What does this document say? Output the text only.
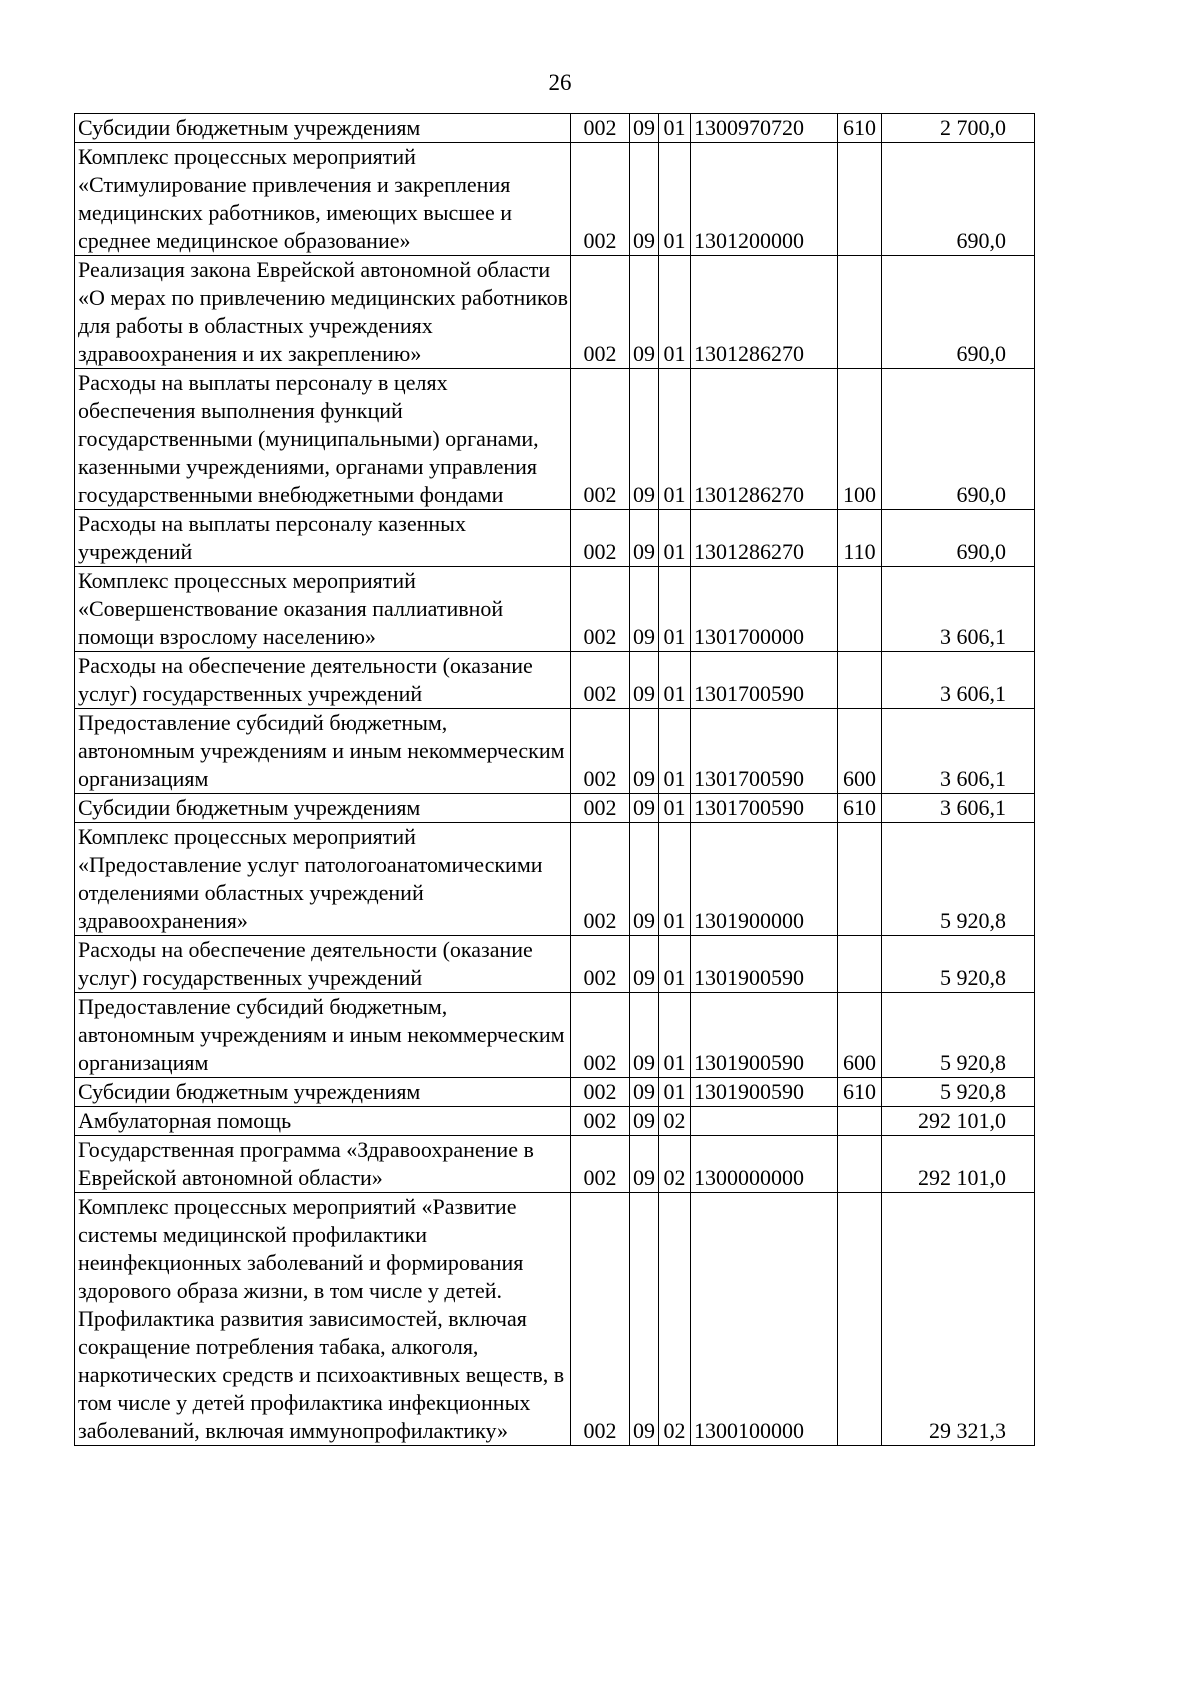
26
Субсидии бюджетным учреждениям	002	09	01	1300970720	610	2 700,0
Комплекс процессных мероприятий «Стимулирование привлечения и закрепления медицинских работников, имеющих высшее и среднее медицинское образование»	002	09	01	1301200000		690,0
Реализация закона Еврейской автономной области «О мерах по привлечению медицинских работников для работы в областных учреждениях здравоохранения и их закреплению»	002	09	01	1301286270		690,0
Расходы на выплаты персоналу в целях обеспечения выполнения функций государственными (муниципальными) органами, казенными учреждениями, органами управления государственными внебюджетными фондами	002	09	01	1301286270	100	690,0
Расходы на выплаты персоналу казенных учреждений	002	09	01	1301286270	110	690,0
Комплекс процессных мероприятий «Совершенствование оказания паллиативной помощи взрослому населению»	002	09	01	1301700000		3 606,1
Расходы на обеспечение деятельности (оказание услуг) государственных учреждений	002	09	01	1301700590		3 606,1
Предоставление субсидий бюджетным, автономным учреждениям и иным некоммерческим организациям	002	09	01	1301700590	600	3 606,1
Субсидии бюджетным учреждениям	002	09	01	1301700590	610	3 606,1
Комплекс процессных мероприятий «Предоставление услуг патологоанатомическими отделениями областных учреждений здравоохранения»	002	09	01	1301900000		5 920,8
Расходы на обеспечение деятельности (оказание услуг) государственных учреждений	002	09	01	1301900590		5 920,8
Предоставление субсидий бюджетным, автономным учреждениям и иным некоммерческим организациям	002	09	01	1301900590	600	5 920,8
Субсидии бюджетным учреждениям	002	09	01	1301900590	610	5 920,8
Амбулаторная помощь	002	09	02			292 101,0
Государственная программа «Здравоохранение в Еврейской автономной области»	002	09	02	1300000000		292 101,0
Комплекс процессных мероприятий «Развитие системы медицинской профилактики неинфекционных заболеваний и формирования здорового образа жизни, в том числе у детей. Профилактика развития зависимостей, включая сокращение потребления табака, алкоголя, наркотических средств и психоактивных веществ, в том числе у детей профилактика инфекционных заболеваний, включая иммунопрофилактику»	002	09	02	1300100000		29 321,3
